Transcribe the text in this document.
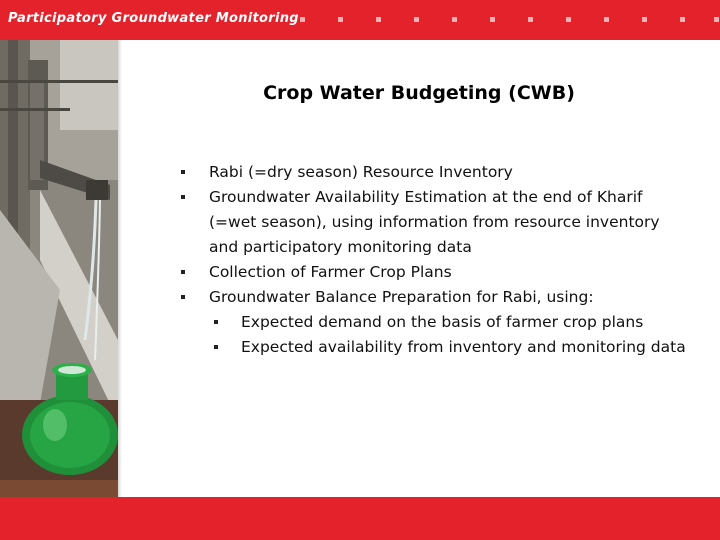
Participatory Groundwater Monitoring
Crop Water Budgeting (CWB)
Rabi (=dry season) Resource Inventory
Groundwater Availability Estimation at the end of Kharif
(=wet season), using information from resource inventory
and participatory monitoring data
Collection of Farmer Crop Plans
Groundwater Balance Preparation for Rabi, using:
Expected demand on the basis of farmer crop plans
Expected availability from inventory and monitoring data
